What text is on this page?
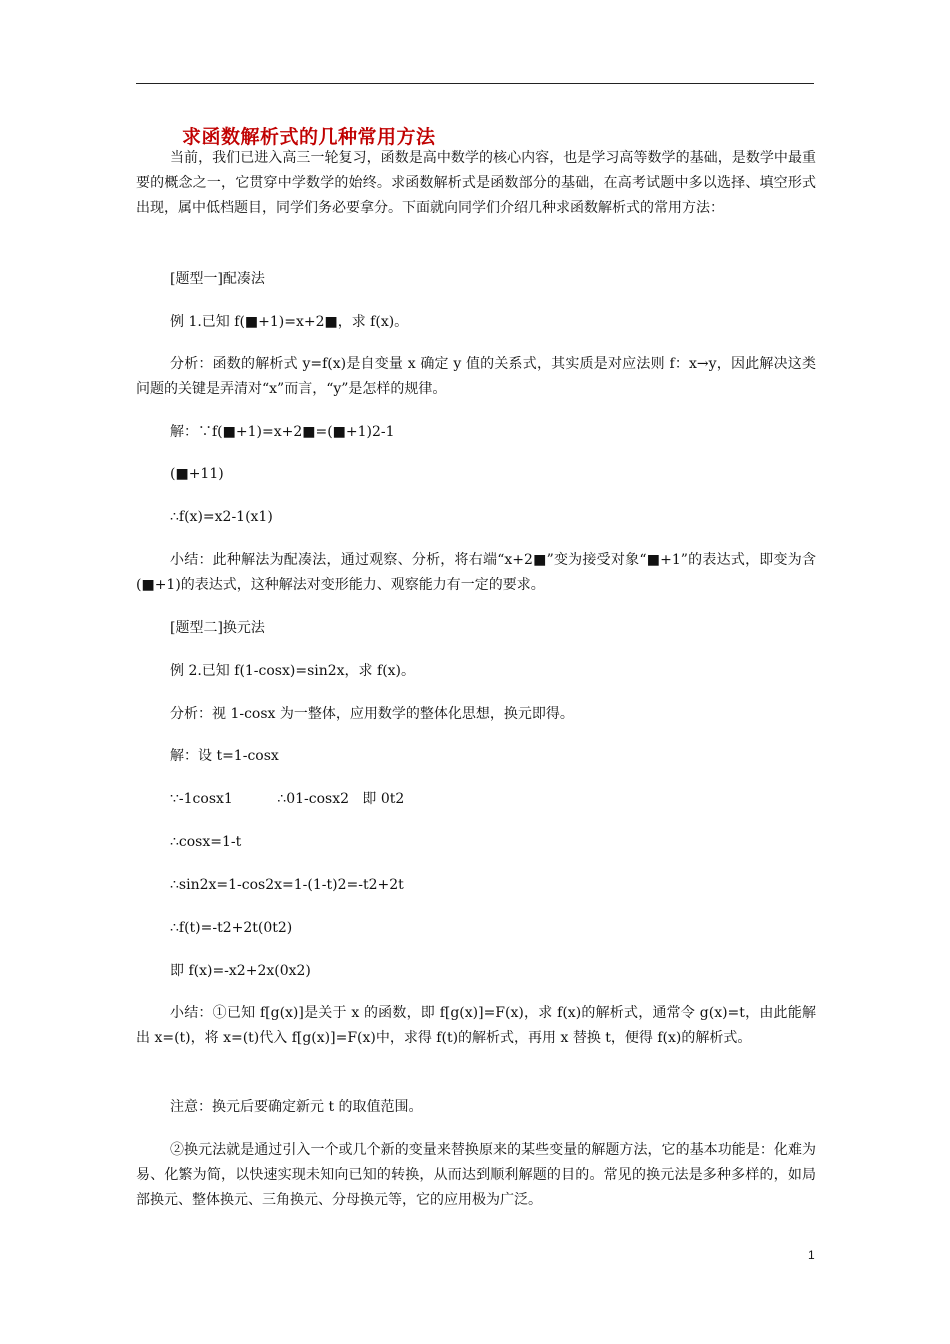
求函数解析式的几种常用方法

当前，我们已进入高三一轮复习，函数是高中数学的核心内容，也是学习高等数学的基础，是数学中最重要的概念之一，它贯穿中学数学的始终。求函数解析式是函数部分的基础，在高考试题中多以选择、填空形式出现，属中低档题目，同学们务必要拿分。下面就向同学们介绍几种求函数解析式的常用方法：

[题型一]配凑法

例 1.已知 f(■+1)=x+2■，求 f(x)。

分析：函数的解析式 y=f(x)是自变量 x 确定 y 值的关系式，其实质是对应法则 f：x→y，因此解决这类问题的关键是弄清对“x”而言，“y”是怎样的规律。

解：∵f(■+1)=x+2■=(■+1)2-1

(■+11)

∴f(x)=x2-1(x1)

小结：此种解法为配凑法，通过观察、分析，将右端“x+2■”变为接受对象“■+1”的表达式，即变为含(■+1)的表达式，这种解法对变形能力、观察能力有一定的要求。

[题型二]换元法

例 2.已知 f(1-cosx)=sin2x，求 f(x)。

分析：视 1-cosx 为一整体，应用数学的整体化思想，换元即得。

解：设 t=1-cosx

∵-1cosx1          ∴01-cosx2   即 0t2

∴cosx=1-t

∴sin2x=1-cos2x=1-(1-t)2=-t2+2t

∴f(t)=-t2+2t(0t2)

即 f(x)=-x2+2x(0x2)

小结：①已知 f[g(x)]是关于 x 的函数，即 f[g(x)]=F(x)，求 f(x)的解析式，通常令 g(x)=t，由此能解出 x=(t)，将 x=(t)代入 f[g(x)]=F(x)中，求得 f(t)的解析式，再用 x 替换 t，便得 f(x)的解析式。

注意：换元后要确定新元 t 的取值范围。

②换元法就是通过引入一个或几个新的变量来替换原来的某些变量的解题方法，它的基本功能是：化难为易、化繁为简，以快速实现未知向已知的转换，从而达到顺利解题的目的。常见的换元法是多种多样的，如局部换元、整体换元、三角换元、分母换元等，它的应用极为广泛。

1
